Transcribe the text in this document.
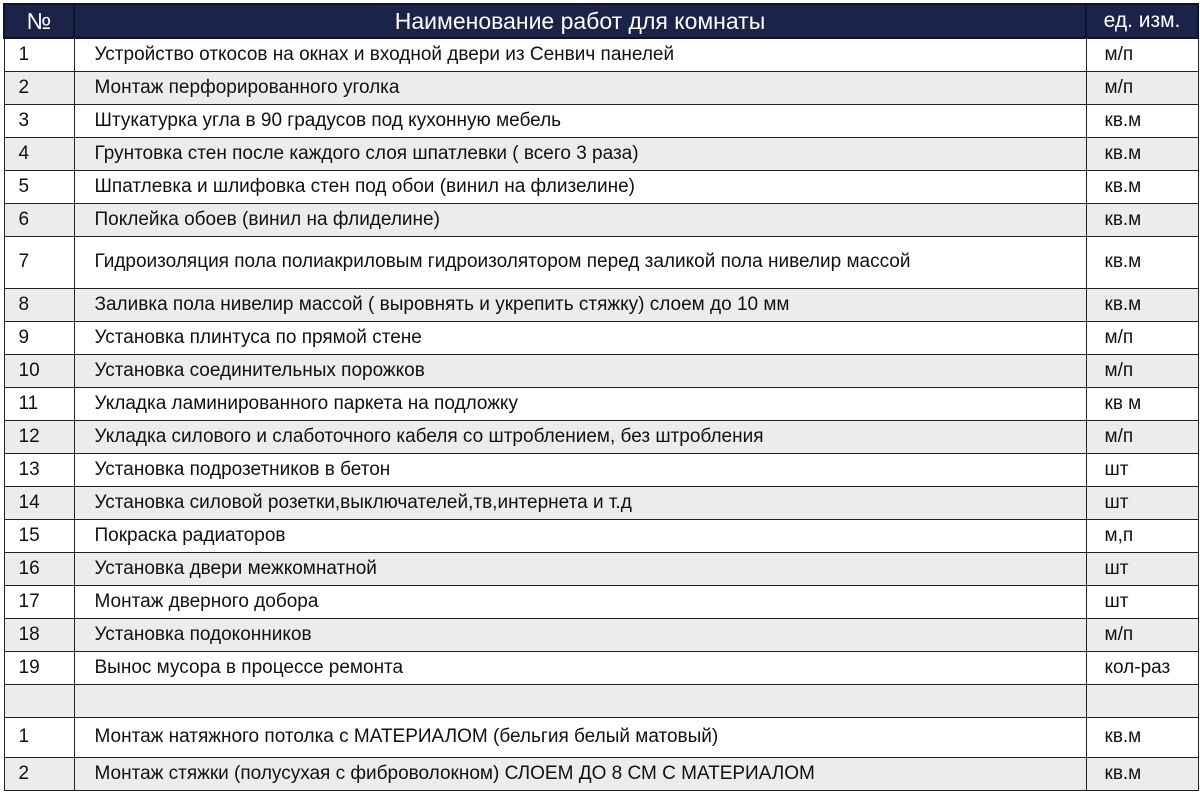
№	Наименование работ для комнаты	ед. изм.
1	Устройство откосов на окнах и входной двери из Сенвич панелей	м/п
2	Монтаж перфорированного уголка	м/п
3	Штукатурка угла в 90 градусов под кухонную мебель	кв.м
4	Грунтовка стен после каждого слоя шпатлевки ( всего 3 раза)	кв.м
5	Шпатлевка и шлифовка стен под обои (винил на флизелине)	кв.м
6	Поклейка обоев (винил на флиделине)	кв.м
7	Гидроизоляция пола полиакриловым гидроизолятором перед заликой пола нивелир массой	кв.м
8	Заливка пола нивелир массой ( выровнять и укрепить стяжку) слоем до 10 мм	кв.м
9	Установка плинтуса по прямой стене	м/п
10	Установка соединительных порожков	м/п
11	Укладка ламинированного паркета на подложку	кв м
12	Укладка силового и слаботочного кабеля со штроблением, без штробления	м/п
13	Установка подрозетников в бетон	шт
14	Установка силовой розетки,выключателей,тв,интернета и т.д	шт
15	Покраска радиаторов	м,п
16	Установка двери межкомнатной	шт
17	Монтаж дверного добора	шт
18	Установка подоконников	м/п
19	Вынос мусора в процессе ремонта	кол-раз

1	Монтаж натяжного потолка с МАТЕРИАЛОМ (бельгия белый матовый)	кв.м
2	Монтаж стяжки (полусухая с фиброволокном) СЛОЕМ ДО 8 СМ С МАТЕРИАЛОМ	кв.м
